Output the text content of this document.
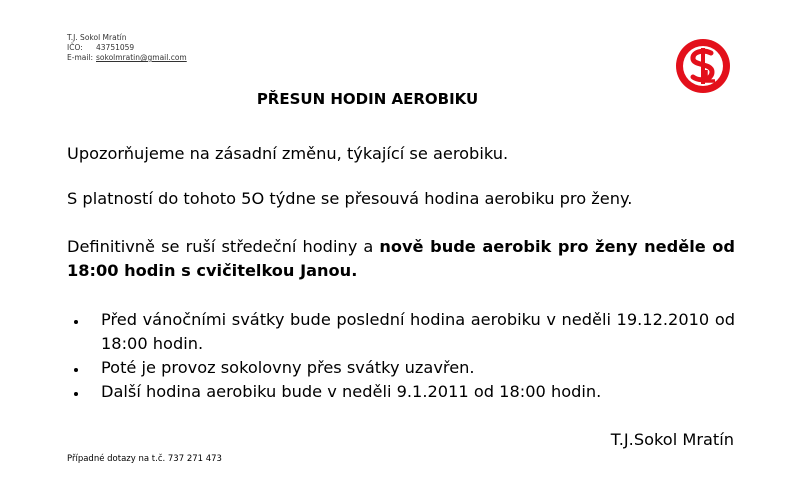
T.J. Sokol Mratín
IČO: 43751059
E-mail: sokolmratin@gmail.com
PŘESUN HODIN AEROBIKU
Upozorňujeme na zásadní změnu, týkající se aerobiku.
S platností do tohoto 5O týdne se přesouvá hodina aerobiku pro ženy.
Definitivně se ruší středeční hodiny a nově bude aerobik pro ženy neděle od 18:00 hodin s cvičitelkou Janou.
Před vánočními svátky bude poslední hodina aerobiku v neděli 19.12.2010 od 18:00 hodin.
Poté je provoz sokolovny přes svátky uzavřen.
Další hodina aerobiku bude v neděli 9.1.2011 od 18:00 hodin.
T.J.Sokol Mratín
Případné dotazy na t.č. 737 271 473
